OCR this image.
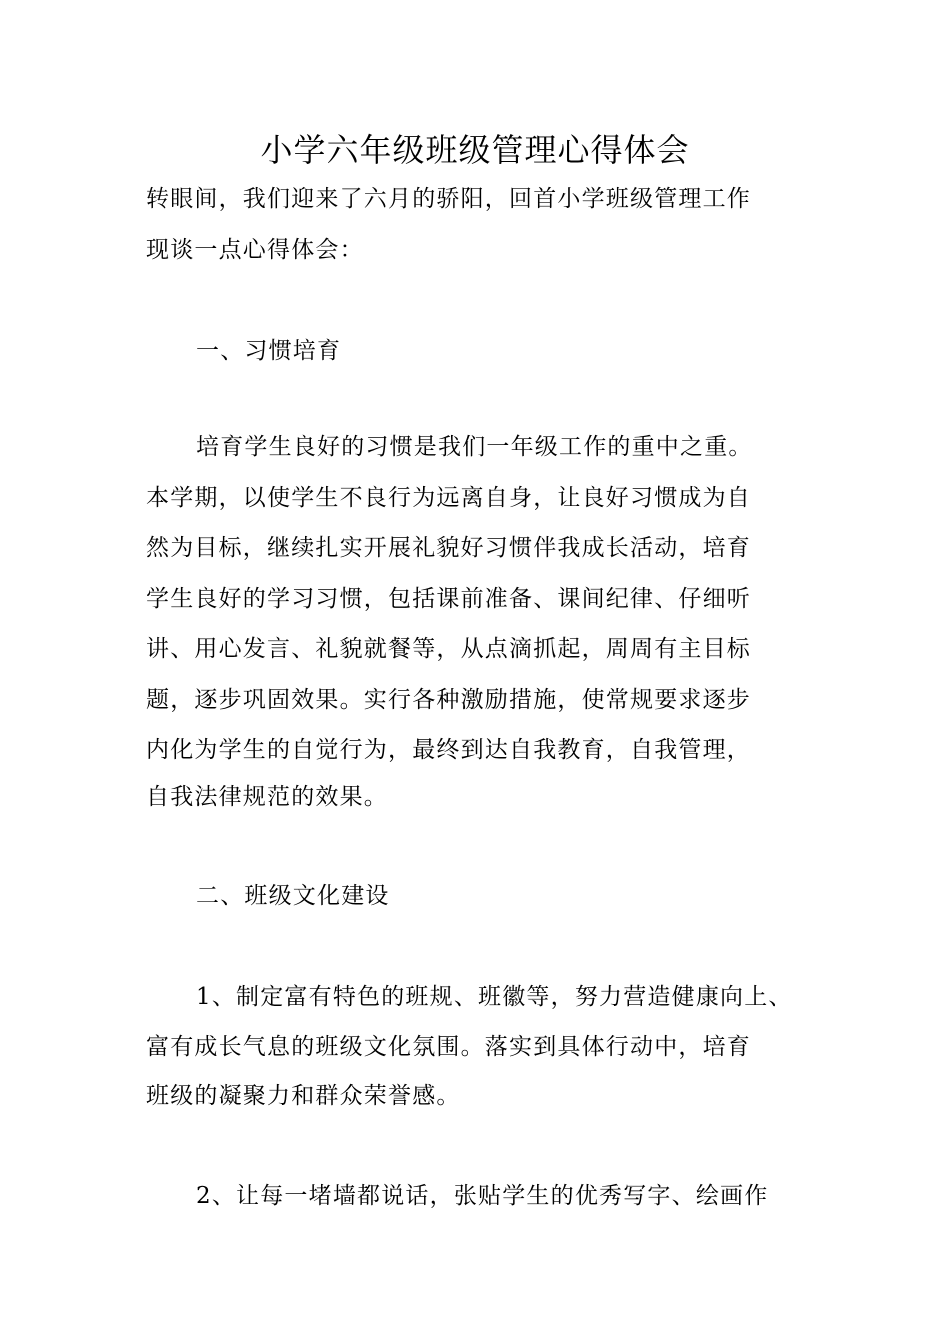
小学六年级班级管理心得体会
转眼间，我们迎来了六月的骄阳，回首小学班级管理工作
现谈一点心得体会：
一、习惯培育
培育学生良好的习惯是我们一年级工作的重中之重。
本学期，以使学生不良行为远离自身，让良好习惯成为自
然为目标，继续扎实开展礼貌好习惯伴我成长活动，培育
学生良好的学习习惯，包括课前准备、课间纪律、仔细听
讲、用心发言、礼貌就餐等，从点滴抓起，周周有主目标
题，逐步巩固效果。实行各种激励措施，使常规要求逐步
内化为学生的自觉行为，最终到达自我教育，自我管理，
自我法律规范的效果。
二、班级文化建设
1、制定富有特色的班规、班徽等，努力营造健康向上、
富有成长气息的班级文化氛围。落实到具体行动中，培育
班级的凝聚力和群众荣誉感。
2、让每一堵墙都说话，张贴学生的优秀写字、绘画作
